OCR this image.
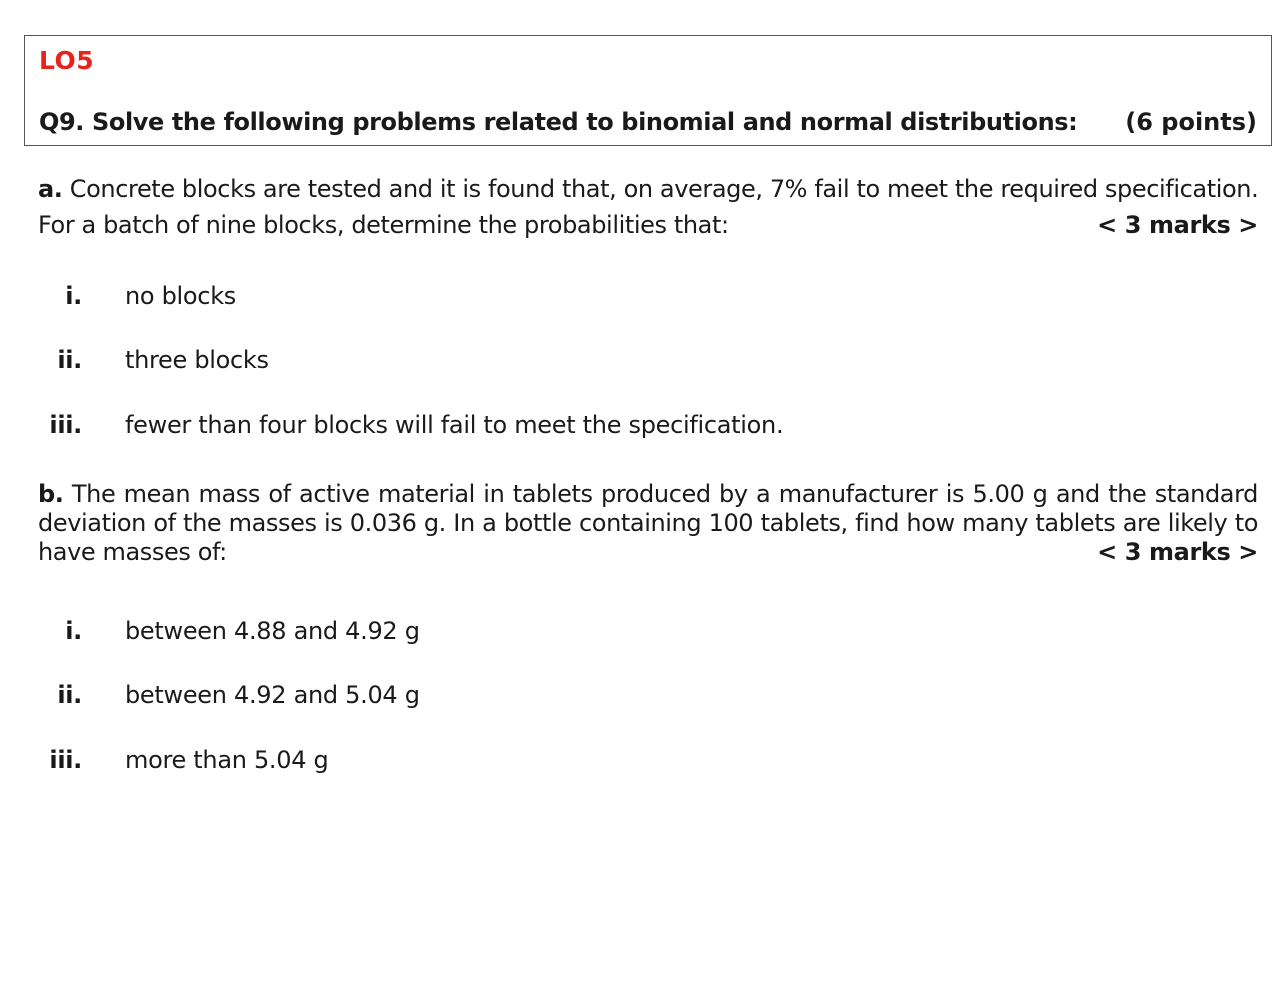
LO5
Q9. Solve the following problems related to binomial and normal distributions: (6 points)
a. Concrete blocks are tested and it is found that, on average, 7% fail to meet the required specification.
For a batch of nine blocks, determine the probabilities that:	< 3 marks >
i. no blocks
ii. three blocks
iii. fewer than four blocks will fail to meet the specification.
b. The mean mass of active material in tablets produced by a manufacturer is 5.00 g and the standard
deviation of the masses is 0.036 g. In a bottle containing 100 tablets, find how many tablets are likely to
have masses of:	< 3 marks >
i. between 4.88 and 4.92 g
ii. between 4.92 and 5.04 g
iii. more than 5.04 g
